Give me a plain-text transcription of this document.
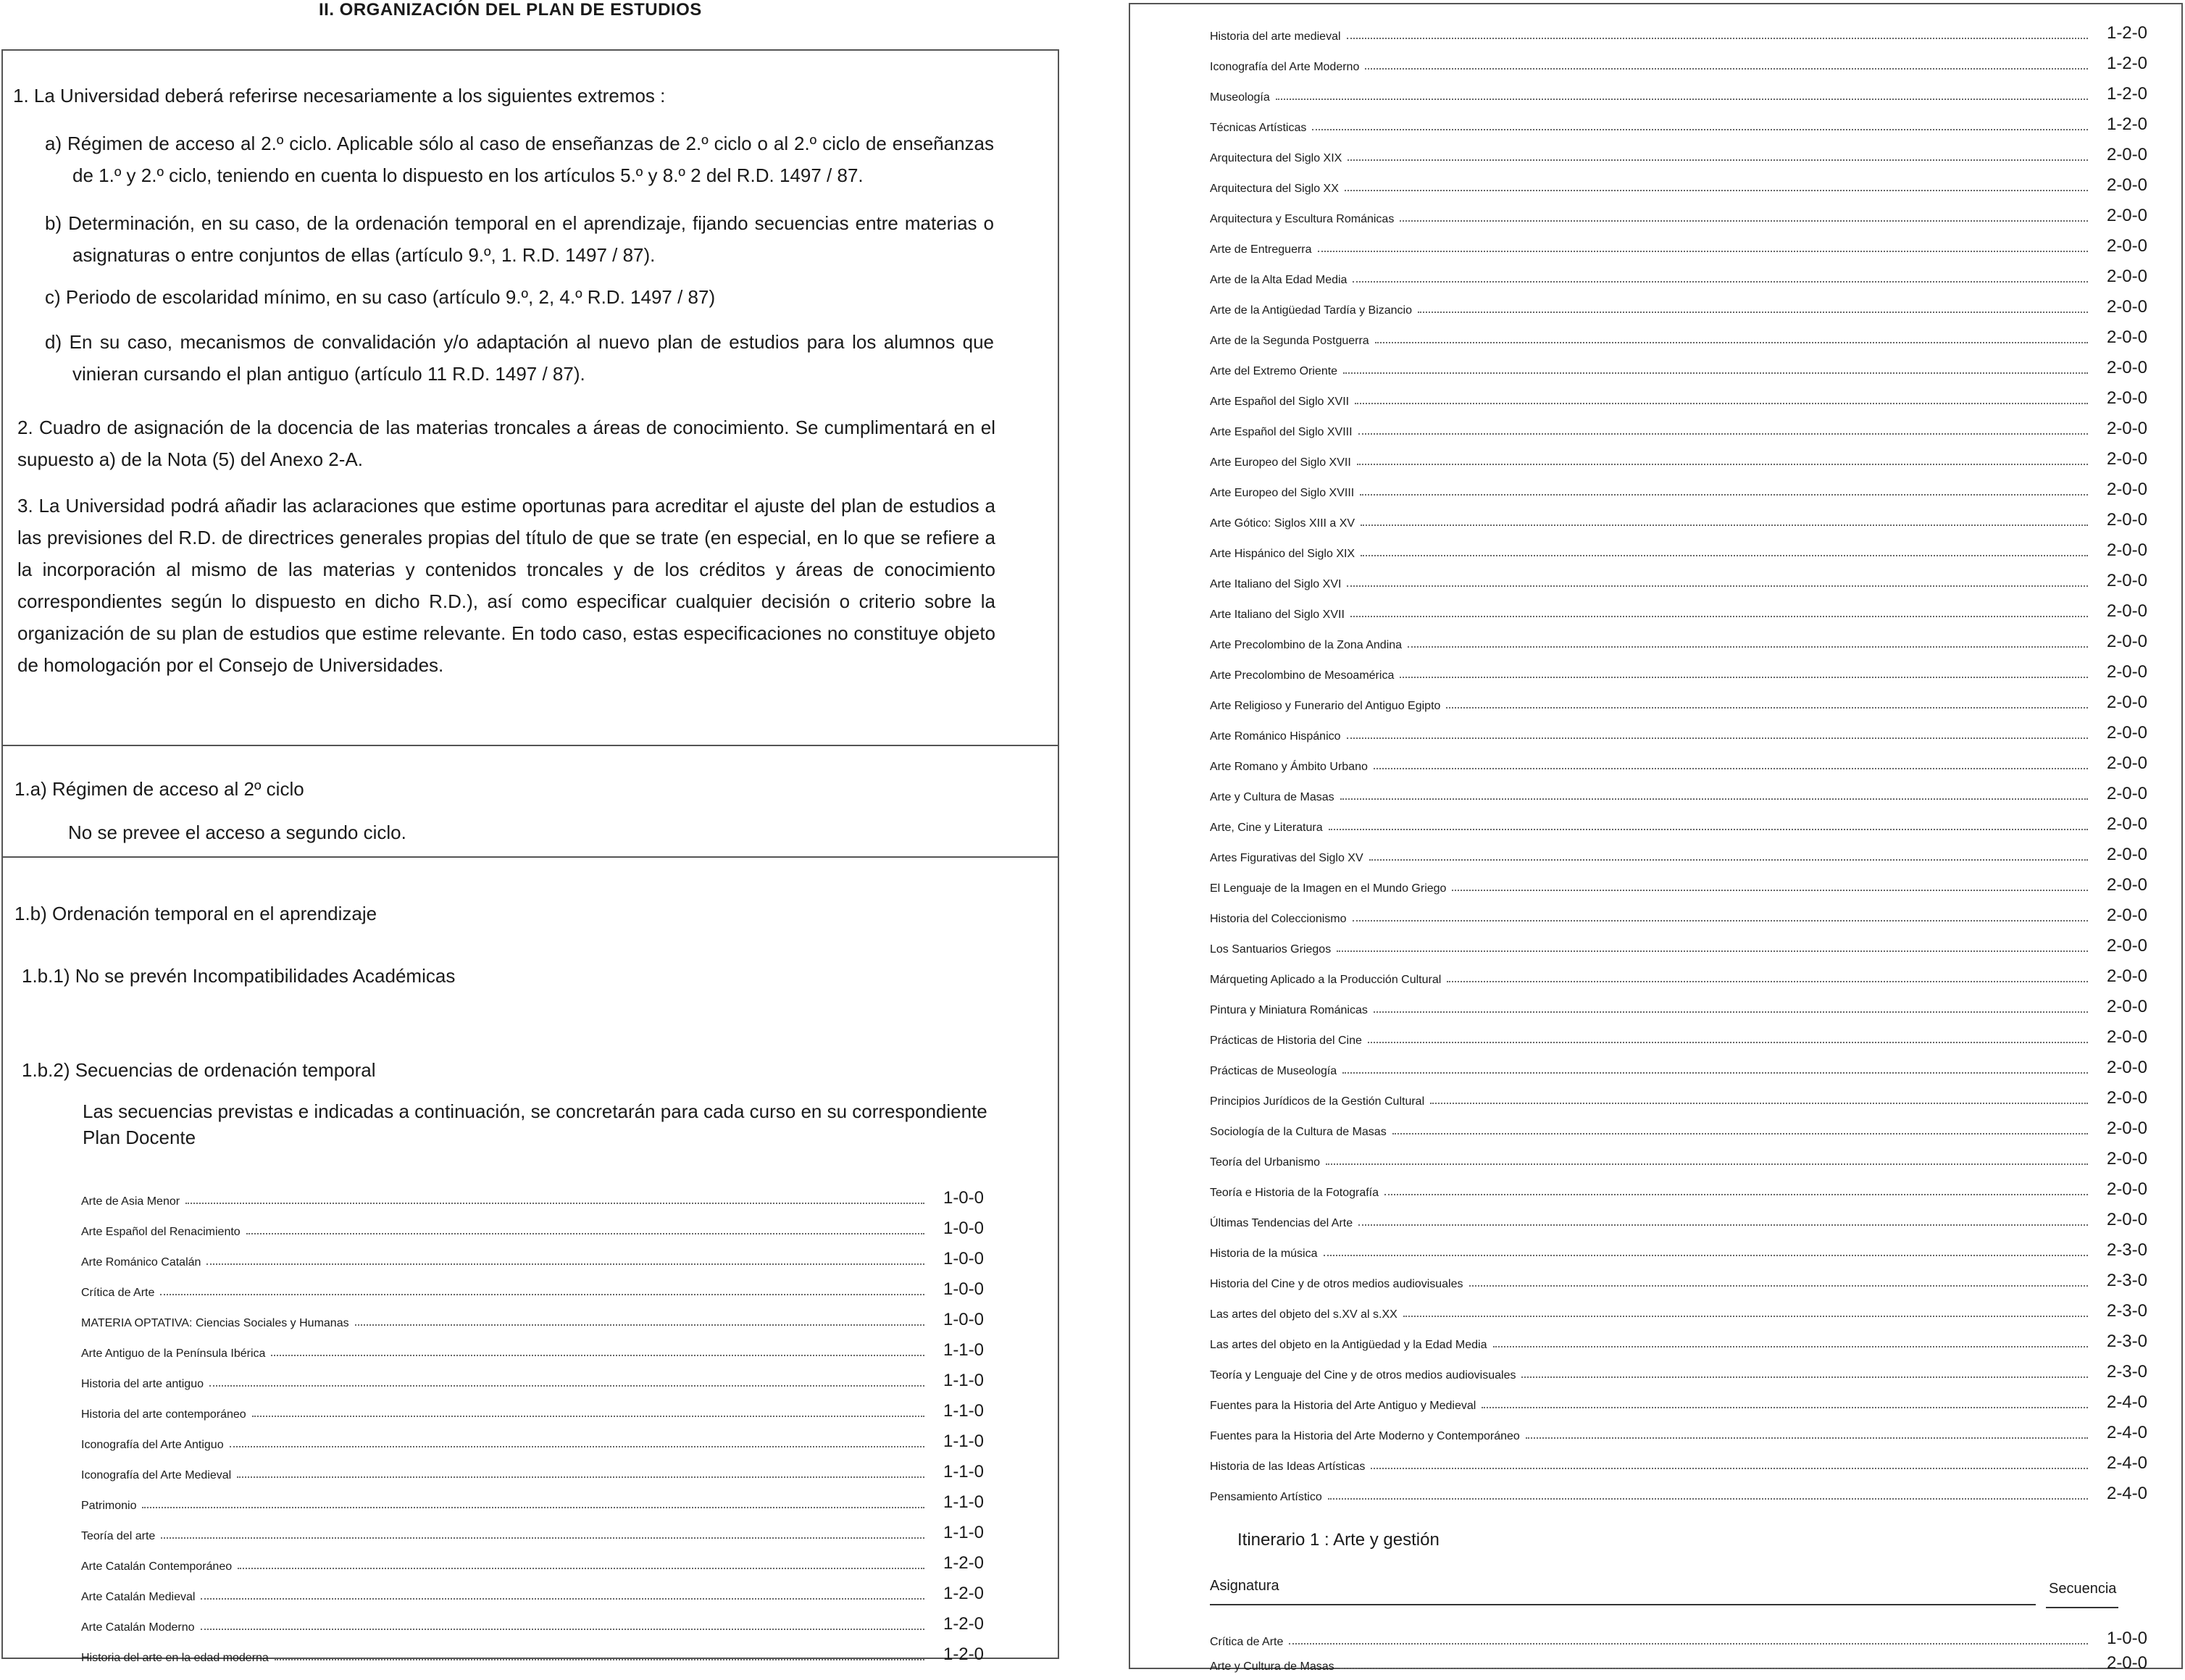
II. ORGANIZACIÓN DEL PLAN DE ESTUDIOS
1. La Universidad deberá referirse necesariamente a los siguientes extremos :
a) Régimen de acceso al 2.º ciclo. Aplicable sólo al caso de enseñanzas de 2.º ciclo o al 2.º ciclo de enseñanzas de 1.º y 2.º ciclo, teniendo en cuenta lo dispuesto en los artículos 5.º y 8.º 2 del R.D. 1497 / 87.
b) Determinación, en su caso, de la ordenación temporal en el aprendizaje, fijando secuencias entre materias o asignaturas o entre conjuntos de ellas (artículo 9.º, 1. R.D. 1497 / 87).
c) Periodo de escolaridad mínimo, en su caso (artículo 9.º, 2, 4.º R.D. 1497 / 87)
d) En su caso, mecanismos de convalidación y/o adaptación al nuevo plan de estudios para los alumnos que vinieran cursando el plan antiguo (artículo 11 R.D. 1497 / 87).
2. Cuadro de asignación de la docencia de las materias troncales a áreas de conocimiento. Se cumplimentará en el supuesto a) de la Nota (5) del Anexo 2-A.
3. La Universidad podrá añadir las aclaraciones que estime oportunas para acreditar el ajuste del plan de estudios a las previsiones del R.D. de directrices generales propias del título de que se trate (en especial, en lo que se refiere a la incorporación al mismo de las materias y contenidos troncales y de los créditos y áreas de conocimiento correspondientes según lo dispuesto en dicho R.D.), así como especificar cualquier decisión o criterio sobre la organización de su plan de estudios que estime relevante. En todo caso, estas especificaciones no constituye objeto de homologación por el Consejo de Universidades.
1.a) Régimen de acceso al 2º ciclo
No se prevee el acceso a segundo ciclo.
1.b) Ordenación temporal en el aprendizaje
1.b.1) No se prevén Incompatibilidades Académicas
1.b.2) Secuencias de ordenación temporal
Las secuencias previstas e indicadas a continuación, se concretarán para cada curso en su correspondiente Plan Docente
Arte de Asia Menor	1-0-0
Arte Español del Renacimiento	1-0-0
Arte Románico Catalán	1-0-0
Crítica de Arte	1-0-0
MATERIA OPTATIVA: Ciencias Sociales y Humanas	1-0-0
Arte Antiguo de la Península Ibérica	1-1-0
Historia del arte antiguo	1-1-0
Historia del arte contemporáneo	1-1-0
Iconografía del Arte Antiguo	1-1-0
Iconografía del Arte Medieval	1-1-0
Patrimonio	1-1-0
Teoría del arte	1-1-0
Arte Catalán Contemporáneo	1-2-0
Arte Catalán Medieval	1-2-0
Arte Catalán Moderno	1-2-0
Historia del arte en la edad moderna	1-2-0
Historia del arte medieval	1-2-0
Iconografía del Arte Moderno	1-2-0
Museología	1-2-0
Técnicas Artísticas	1-2-0
Arquitectura del Siglo XIX	2-0-0
Arquitectura del Siglo XX	2-0-0
Arquitectura y Escultura Románicas	2-0-0
Arte de Entreguerra	2-0-0
Arte de la Alta Edad Media	2-0-0
Arte de la Antigüedad Tardía y Bizancio	2-0-0
Arte de la Segunda Postguerra	2-0-0
Arte del Extremo Oriente	2-0-0
Arte Español del Siglo XVII	2-0-0
Arte Español del Siglo XVIII	2-0-0
Arte Europeo del Siglo XVII	2-0-0
Arte Europeo del Siglo XVIII	2-0-0
Arte Gótico: Siglos XIII a XV	2-0-0
Arte Hispánico del Siglo XIX	2-0-0
Arte Italiano del Siglo XVI	2-0-0
Arte Italiano del Siglo XVII	2-0-0
Arte Precolombino de la Zona Andina	2-0-0
Arte Precolombino de Mesoamérica	2-0-0
Arte Religioso y Funerario del Antiguo Egipto	2-0-0
Arte Románico Hispánico	2-0-0
Arte Romano y Ámbito Urbano	2-0-0
Arte y Cultura de Masas	2-0-0
Arte, Cine y Literatura	2-0-0
Artes Figurativas del Siglo XV	2-0-0
El Lenguaje de la Imagen en el Mundo Griego	2-0-0
Historia del Coleccionismo	2-0-0
Los Santuarios Griegos	2-0-0
Márqueting Aplicado a la Producción Cultural	2-0-0
Pintura y Miniatura Románicas	2-0-0
Prácticas de Historia del Cine	2-0-0
Prácticas de Museología	2-0-0
Principios Jurídicos de la Gestión Cultural	2-0-0
Sociología de la Cultura de Masas	2-0-0
Teoría del Urbanismo	2-0-0
Teoría e Historia de la Fotografía	2-0-0
Últimas Tendencias del Arte	2-0-0
Historia de la música	2-3-0
Historia del Cine y de otros medios audiovisuales	2-3-0
Las artes del objeto del s.XV al s.XX	2-3-0
Las artes del objeto en la Antigüedad y la Edad Media	2-3-0
Teoría y Lenguaje del Cine y de otros medios audiovisuales	2-3-0
Fuentes para la Historia del Arte Antiguo y Medieval	2-4-0
Fuentes para la Historia del Arte Moderno y Contemporáneo	2-4-0
Historia de las Ideas Artísticas	2-4-0
Pensamiento Artístico	2-4-0
Itinerario 1 : Arte y gestión
Asignatura	Secuencia
Crítica de Arte	1-0-0
Arte y Cultura de Masas	2-0-0
